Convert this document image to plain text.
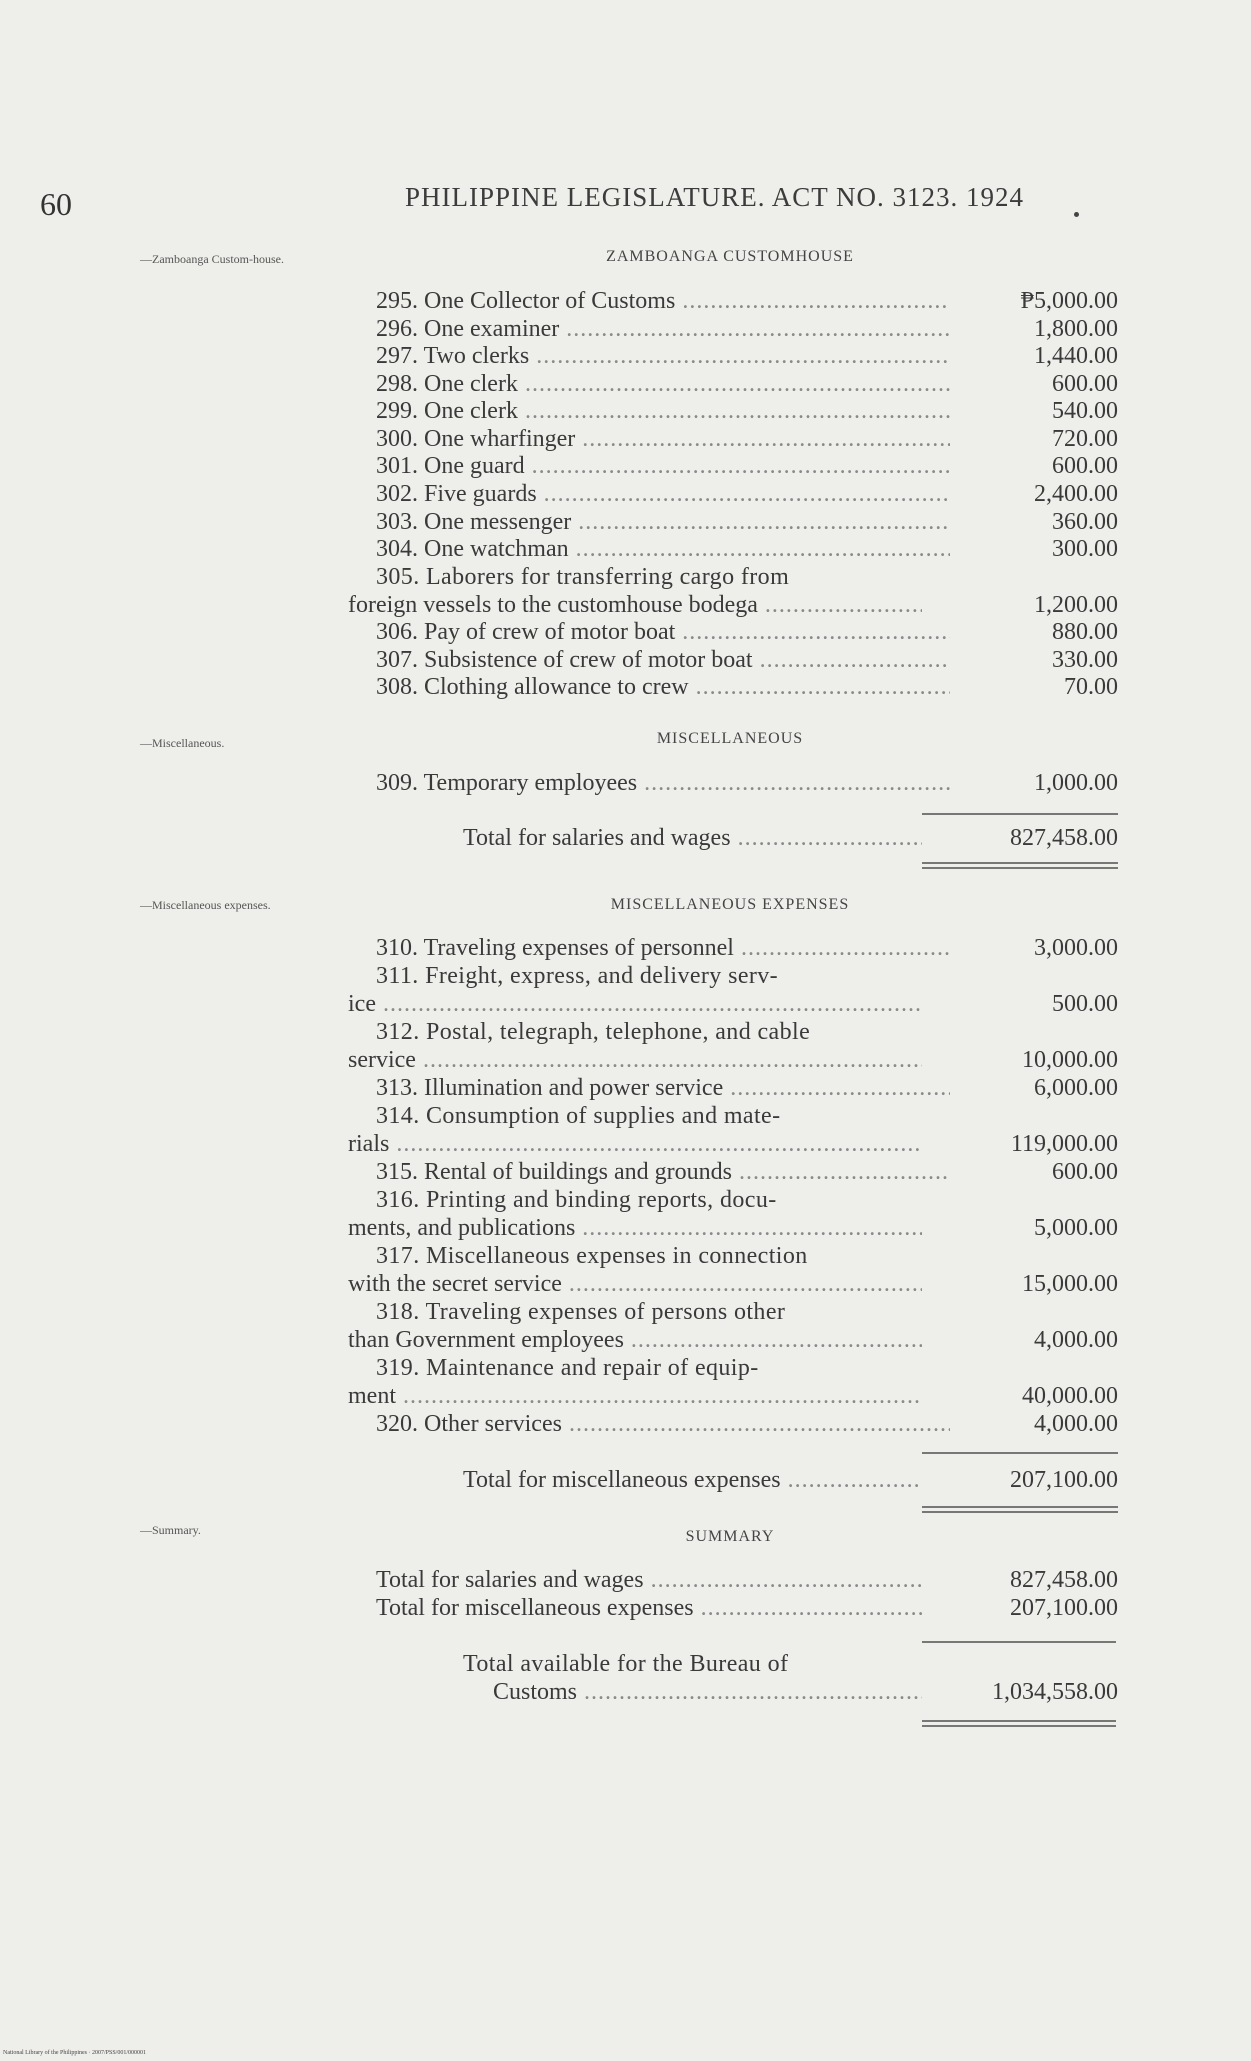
60	PHILIPPINE LEGISLATURE. ACT NO. 3123. 1924
—Zamboanga Custom-house.
—Miscellaneous.
—Miscellaneous expenses.
—Summary.
ZAMBOANGA CUSTOMHOUSE
295. One Collector of Customs .....	₱5,000.00
296. One examiner .....	1,800.00
297. Two clerks .....	1,440.00
298. One clerk .....	600.00
299. One clerk .....	540.00
300. One wharfinger .....	720.00
301. One guard .....	600.00
302. Five guards .....	2,400.00
303. One messenger .....	360.00
304. One watchman .....	300.00
305. Laborers for transferring cargo from
foreign vessels to the customhouse bodega .....	1,200.00
306. Pay of crew of motor boat .....	880.00
307. Subsistence of crew of motor boat .....	330.00
308. Clothing allowance to crew .....	70.00
MISCELLANEOUS
309. Temporary employees .....	1,000.00
Total for salaries and wages .....	827,458.00
MISCELLANEOUS EXPENSES
310. Traveling expenses of personnel .....	3,000.00
311. Freight, express, and delivery serv-
ice .....	500.00
312. Postal, telegraph, telephone, and cable
service .....	10,000.00
313. Illumination and power service .....	6,000.00
314. Consumption of supplies and mate-
rials .....	119,000.00
315. Rental of buildings and grounds .....	600.00
316. Printing and binding reports, docu-
ments, and publications .....	5,000.00
317. Miscellaneous expenses in connection
with the secret service .....	15,000.00
318. Traveling expenses of persons other
than Government employees .....	4,000.00
319. Maintenance and repair of equip-
ment .....	40,000.00
320. Other services .....	4,000.00
Total for miscellaneous expenses .....	207,100.00
SUMMARY
Total for salaries and wages .....	827,458.00
Total for miscellaneous expenses .....	207,100.00
Total available for the Bureau of
Customs .....	1,034,558.00
National Library of the Philippines · 2007/PSS/001/000001
